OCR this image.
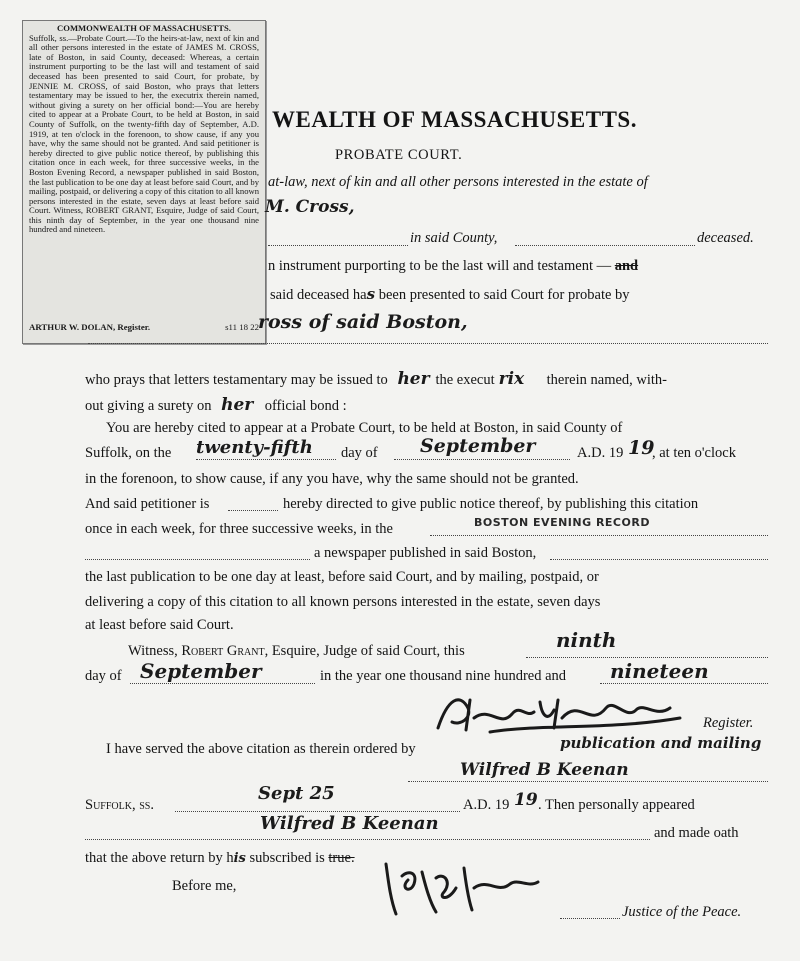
COMMONWEALTH OF MASSACHUSETTS.
Suffolk, ss.—Probate Court.—To the heirs-at-law, next of kin and all other persons interested in the estate of JAMES M. CROSS, late of Boston, in said County, deceased: Whereas, a certain instrument purporting to be the last will and testament of said deceased has been presented to said Court, for probate, by JENNIE M. CROSS, of said Boston, who prays that letters testamentary may be issued to her, the executrix therein named, without giving a surety on her official bond:—You are hereby cited to appear at a Probate Court, to be held at Boston, in said County of Suffolk, on the twenty-fifth day of September, A.D. 1919, at ten o'clock in the forenoon, to show cause, if any you have, why the same should not be granted. And said petitioner is hereby directed to give public notice thereof, by publishing this citation once in each week, for three successive weeks, in the Boston Evening Record, a newspaper published in said Boston, the last publication to be one day at least before said Court, and by mailing, postpaid, or delivering a copy of this citation to all known persons interested in the estate, seven days at least before said Court. Witness, ROBERT GRANT, Esquire, Judge of said Court, this ninth day of September, in the year one thousand nine hundred and nineteen.
ARTHUR W. DOLAN, Register.	s11 18 22
WEALTH OF MASSACHUSETTS.
PROBATE COURT.
at-law, next of kin and all other persons interested in the estate of
M. Cross,
in said County,	deceased.
n instrument purporting to be the last will and testament — and
said deceased has been presented to said Court for probate by
ross of said Boston,
who prays that letters testamentary may be issued to her the execut rix therein named, with-
out giving a surety on her official bond :
You are hereby cited to appear at a Probate Court, to be held at Boston, in said County of
Suffolk, on the twenty-fifth day of September	A.D. 19 19
, at ten o'clock
in the forenoon, to show cause, if any you have, why the same should not be granted.
And said petitioner is	hereby directed to give public notice thereof, by publishing this citation
once in each week, for three successive weeks, in the	BOSTON EVENING RECORD
a newspaper published in said Boston,
the last publication to be one day at least, before said Court, and by mailing, postpaid, or
delivering a copy of this citation to all known persons interested in the estate, seven days
at least before said Court.
Witness, Robert Grant, Esquire, Judge of said Court, this	ninth
day of September	in the year one thousand nine hundred and nineteen
Register.
I have served the above citation as therein ordered by	publication and mailing
Wilfred B Keenan
Suffolk, ss.
Sept 25
A.D. 19 19 . Then personally appeared
Wilfred B Keenan	and made oath
that the above return by his subscribed is true.
Before me,
Justice of the Peace.
